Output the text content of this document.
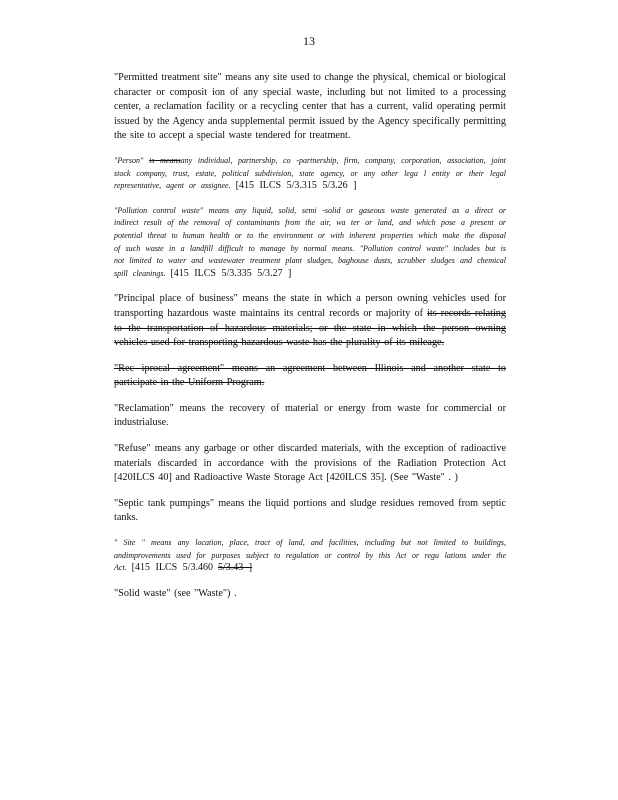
13

"Permitted treatment site" means any site used to change the physical, chemical or biological character or composit ion of any special waste, including but not limited to a processing center, a reclamation facility or a recycling center that has a current, valid operating permit issued by the Agency anda supplemental permit issued by the Agency specifically permitting the site to accept a special waste tendered for treatment.

"Person" is meansany individual, partnership, co -partnership, firm, company, corporation, association, joint stock company, trust, estate, political subdivision, state agency, or any other lega l entity or their legal representative, agent or assignee. [415 ILCS 5/3.315 5/3.26 ]

"Pollution control waste" means any liquid, solid, semi -solid or gaseous waste generated as a direct or indirect result of the removal of contaminants from the air, wa ter or land, and which pose a present or potential threat to human health or to the environment or with inherent properties which make the disposal of such waste in a landfill difficult to manage by normal means. "Pollution control waste" includes but is not limited to water and wastewater treatment plant sludges, baghouse dusts, scrubber sludges and chemical spill cleanings. [415 ILCS 5/3.335 5/3.27 ]

"Principal place of business" means the state in which a person owning vehicles used for transporting hazardous waste maintains its central records or majority of its records relating to the transportation of hazardous materials; or the state in which the person owning vehicles used for transporting hazardous waste has the plurality of its mileage.

"Rec iprocal agreement" means an agreement between Illinois and another state to participate in the Uniform Program.

"Reclamation" means the recovery of material or energy from waste for commercial or industrialuse.

"Refuse" means any garbage or other discarded materials, with the exception of radioactive materials discarded in accordance with the provisions of the Radiation Protection Act [420ILCS 40] and Radioactive Waste Storage Act [420ILCS 35]. (See "Waste" . )

"Septic tank pumpings" means the liquid portions and sludge residues removed from septic tanks.

" Site " means any location, place, tract of land, and facilities, including but not limited to buildings, andimprovements used for purposes subject to regulation or control by this Act or regu lations under the Act. [415 ILCS 5/3.460 5/3.43 ]

"Solid waste" (see "Waste") .
